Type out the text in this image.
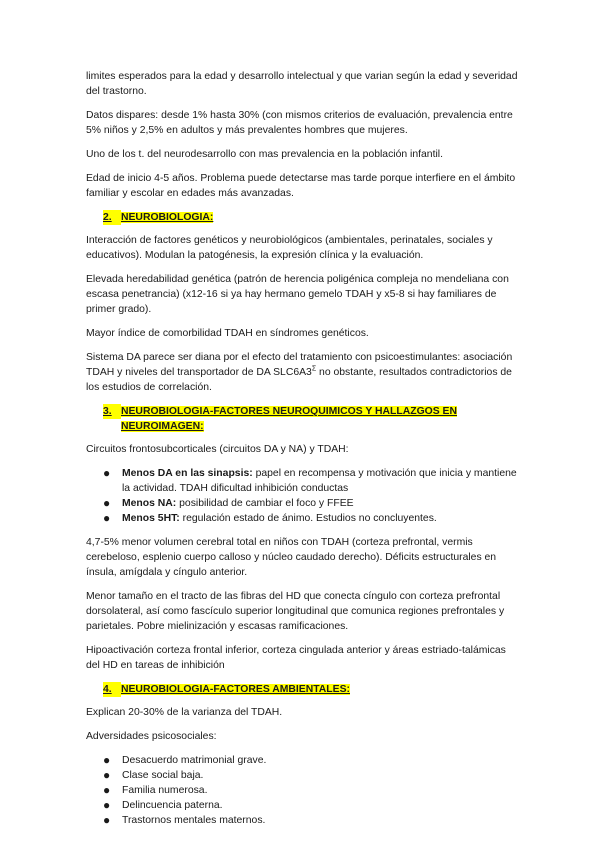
limites esperados para la edad y desarrollo intelectual y que varian según la edad y severidad del trastorno.

Datos dispares: desde 1% hasta 30% (con mismos criterios de evaluación, prevalencia entre 5% niños y 2,5% en adultos y más prevalentes hombres que mujeres.

Uno de los t. del neurodesarrollo con mas prevalencia en la población infantil.

Edad de inicio 4-5 años. Problema puede detectarse mas tarde porque interfiere en el ámbito familiar y escolar en edades más avanzadas.

2. NEUROBIOLOGIA:

Interacción de factores genéticos y neurobiológicos (ambientales, perinatales, sociales y educativos). Modulan la patogénesis, la expresión clínica y la evaluación.

Elevada heredabilidad genética (patrón de herencia poligénica compleja no mendeliana con escasa penetrancia) (x12-16 si ya hay hermano gemelo TDAH y x5-8 si hay familiares de primer grado).

Mayor índice de comorbilidad TDAH en síndromes genéticos.

Sistema DA parece ser diana por el efecto del tratamiento con psicoestimulantes: asociación TDAH y niveles del transportador de DA $SLC6A3^\Sigma$ no obstante, resultados contradictorios de los estudios de correlación.

3. NEUROBIOLOGIA-FACTORES NEUROQUIMICOS Y HALLAZGOS EN NEUROIMAGEN:

Circuitos frontosubcorticales (circuitos DA y NA) y TDAH:

●	Menos DA en las sinapsis: papel en recompensa y motivación que inicia y mantiene la actividad. TDAH dificultad inhibición conductas
●	Menos NA: posibilidad de cambiar el foco y FFEE
●	Menos 5HT: regulación estado de ánimo. Estudios no concluyentes.

4,7-5% menor volumen cerebral total en niños con TDAH (corteza prefrontal, vermis cerebeloso, esplenio cuerpo calloso y núcleo caudado derecho). Déficits estructurales en ínsula, amígdala y cíngulo anterior.

Menor tamaño en el tracto de las fibras del HD que conecta cíngulo con corteza prefrontal dorsolateral, así como fascículo superior longitudinal que comunica regiones prefrontales y parietales. Pobre mielinización y escasas ramificaciones.

Hipoactivación corteza frontal inferior, corteza cingulada anterior y áreas estriado-talámicas del HD en tareas de inhibición

4. NEUROBIOLOGIA-FACTORES AMBIENTALES:

Explican 20-30% de la varianza del TDAH.

Adversidades psicosociales:

●	Desacuerdo matrimonial grave.
●	Clase social baja.
●	Familia numerosa.
●	Delincuencia paterna.
●	Trastornos mentales maternos.
